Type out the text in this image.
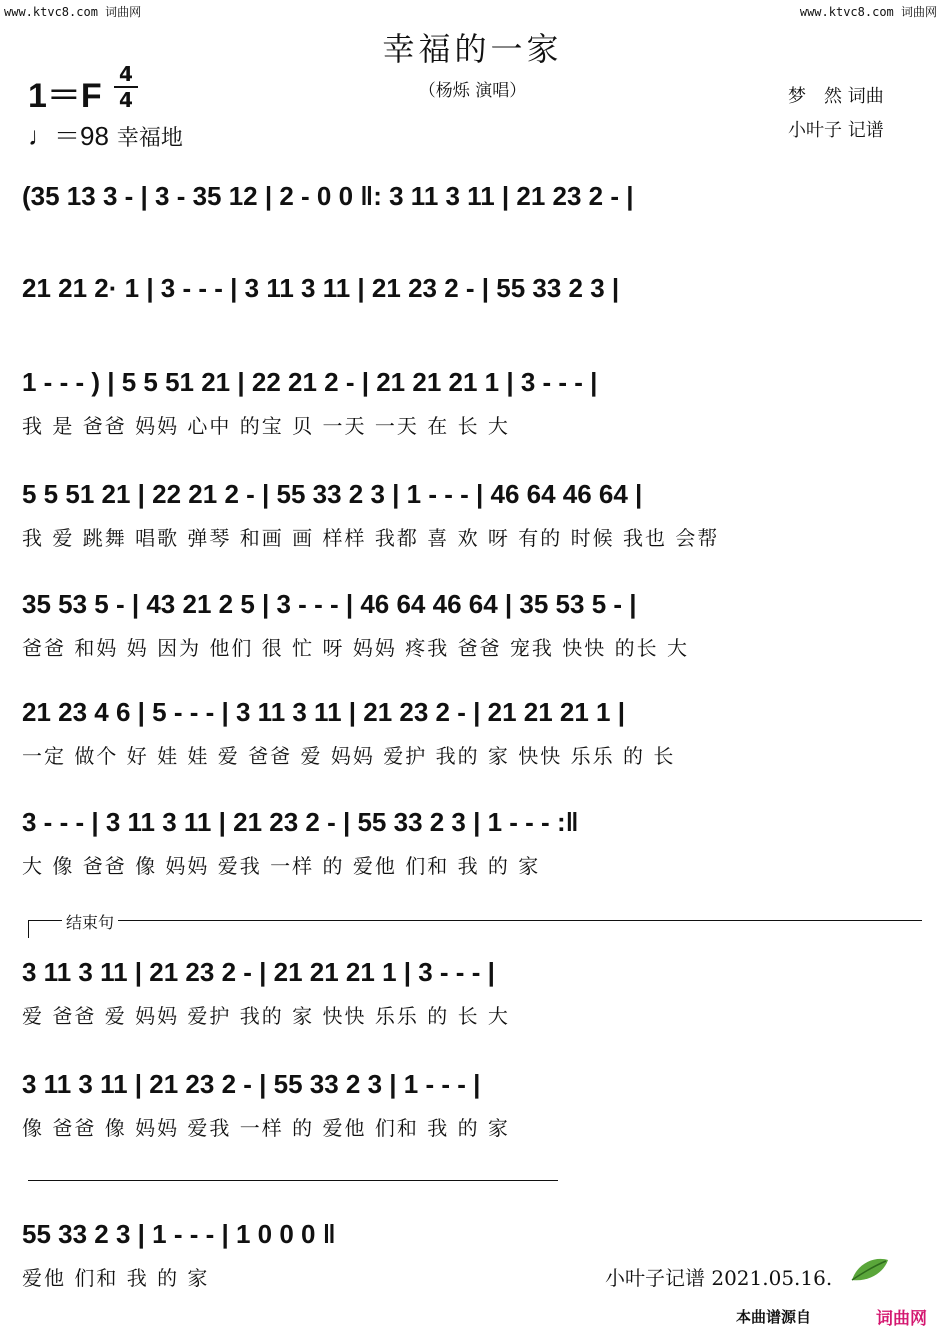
www.ktvc8.com 词曲网	www.ktvc8.com 词曲网
幸福的一家
（杨烁 演唱）
1＝F
4
4
♩＝98 幸福地
梦　然 词曲
小叶子 记谱
(35 13 3 - | 3 - 35 12 | 2 - 0 0 ‖: 3 11 3 11 | 21 23 2 - |
21 21 2· 1 | 3 - - - | 3 11 3 11 | 21 23 2 - | 55 33 2 3 |
1 - - - ) | 5 5 51 21 | 22 21 2 - | 21 21 21 1 | 3 - - - |
我 是 爸爸 妈妈 心中 的宝 贝 一天 一天 在 长 大
5 5 51 21 | 22 21 2 - | 55 33 2 3 | 1 - - - | 46 64 46 64 |
我 爱 跳舞 唱歌 弹琴 和画 画 样样 我都 喜 欢 呀 有的 时候 我也 会帮
35 53 5 - | 43 21 2 5 | 3 - - - | 46 64 46 64 | 35 53 5 - |
爸爸 和妈 妈 因为 他们 很 忙 呀 妈妈 疼我 爸爸 宠我 快快 的长 大
21 23 4 6 | 5 - - - | 3 11 3 11 | 21 23 2 - | 21 21 21 1 |
一定 做个 好 娃 娃 爱 爸爸 爱 妈妈 爱护 我的 家 快快 乐乐 的 长
3 - - - | 3 11 3 11 | 21 23 2 - | 55 33 2 3 | 1 - - - :‖
大 像 爸爸 像 妈妈 爱我 一样 的 爱他 们和 我 的 家
结束句
3 11 3 11 | 21 23 2 - | 21 21 21 1 | 3 - - - |
爱 爸爸 爱 妈妈 爱护 我的 家 快快 乐乐 的 长 大
3 11 3 11 | 21 23 2 - | 55 33 2 3 | 1 - - - |
像 爸爸 像 妈妈 爱我 一样 的 爱他 们和 我 的 家
55 33 2 3 | 1 - - - | 1 0 0 0 ‖
爱他 们和 我 的 家	小叶子记谱 2021.05.16.
本曲谱源自	词曲网
